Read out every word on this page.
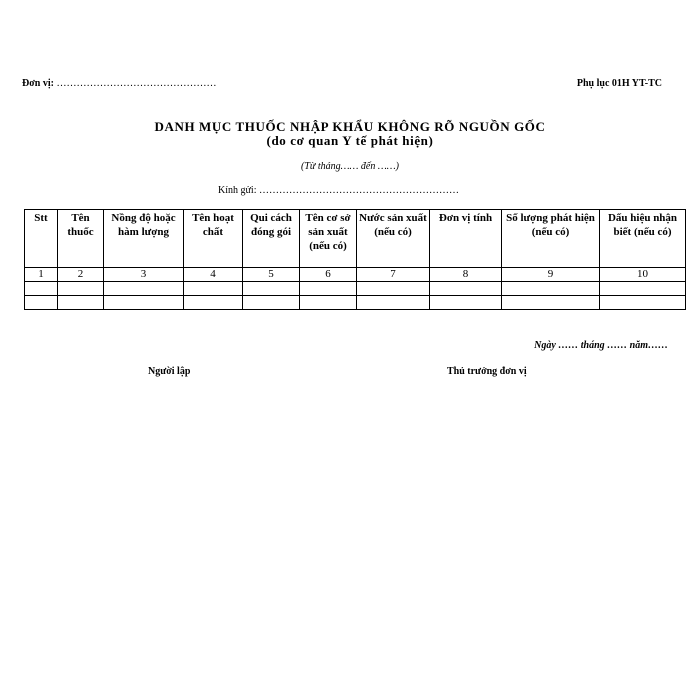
Đơn vị: …………………………………………	Phụ lục 01H YT-TC
DANH MỤC THUỐC NHẬP KHẨU KHÔNG RÕ NGUỒN GỐC
(do cơ quan Y tế phát hiện)
(Từ tháng…… đến ……)
Kính gửi: ……………………………………………………
Stt	Tên thuốc	Nồng độ hoặc hàm lượng	Tên hoạt chất	Qui cách đóng gói	Tên cơ sở sản xuất (nếu có)	Nước sản xuất (nếu có)	Đơn vị tính	Số lượng phát hiện (nếu có)	Dấu hiệu nhận biết (nếu có)
1	2	3	4	5	6	7	8	9	10

Ngày …… tháng …… năm……
Người lập	Thủ trưởng đơn vị
